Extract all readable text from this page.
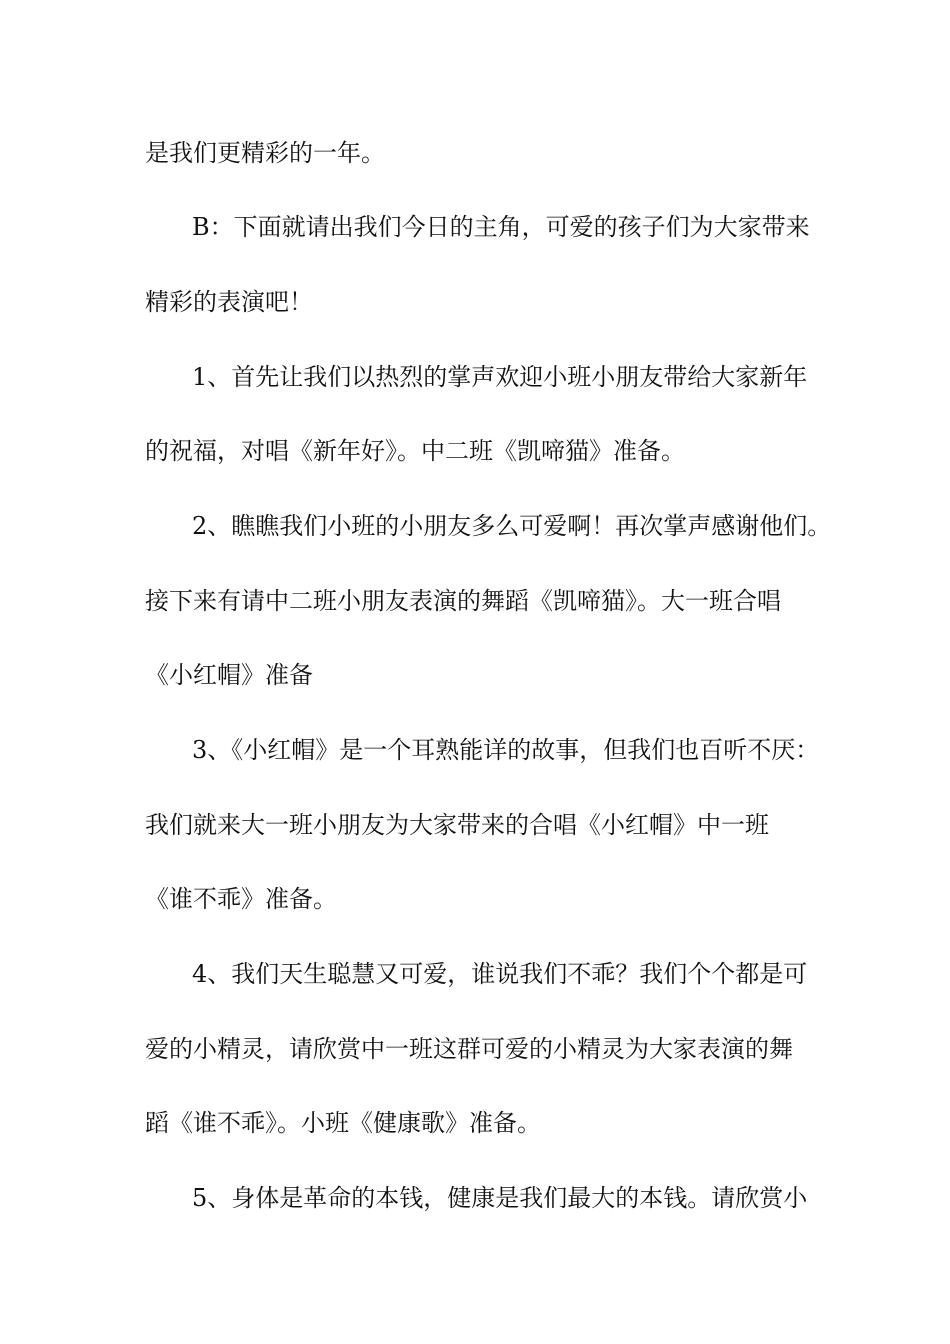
是我们更精彩的一年。
B：下面就请出我们今日的主角，可爱的孩子们为大家带来
精彩的表演吧！
1、首先让我们以热烈的掌声欢迎小班小朋友带给大家新年
的祝福，对唱《新年好》。中二班《凯啼猫》准备。
2、瞧瞧我们小班的小朋友多么可爱啊！再次掌声感谢他们。
接下来有请中二班小朋友表演的舞蹈《凯啼猫》。大一班合唱
《小红帽》准备
3、《小红帽》是一个耳熟能详的故事，但我们也百听不厌：
我们就来大一班小朋友为大家带来的合唱《小红帽》中一班
《谁不乖》准备。
4、我们天生聪慧又可爱，谁说我们不乖？我们个个都是可
爱的小精灵，请欣赏中一班这群可爱的小精灵为大家表演的舞
蹈《谁不乖》。小班《健康歌》准备。
5、身体是革命的本钱，健康是我们最大的本钱。请欣赏小
